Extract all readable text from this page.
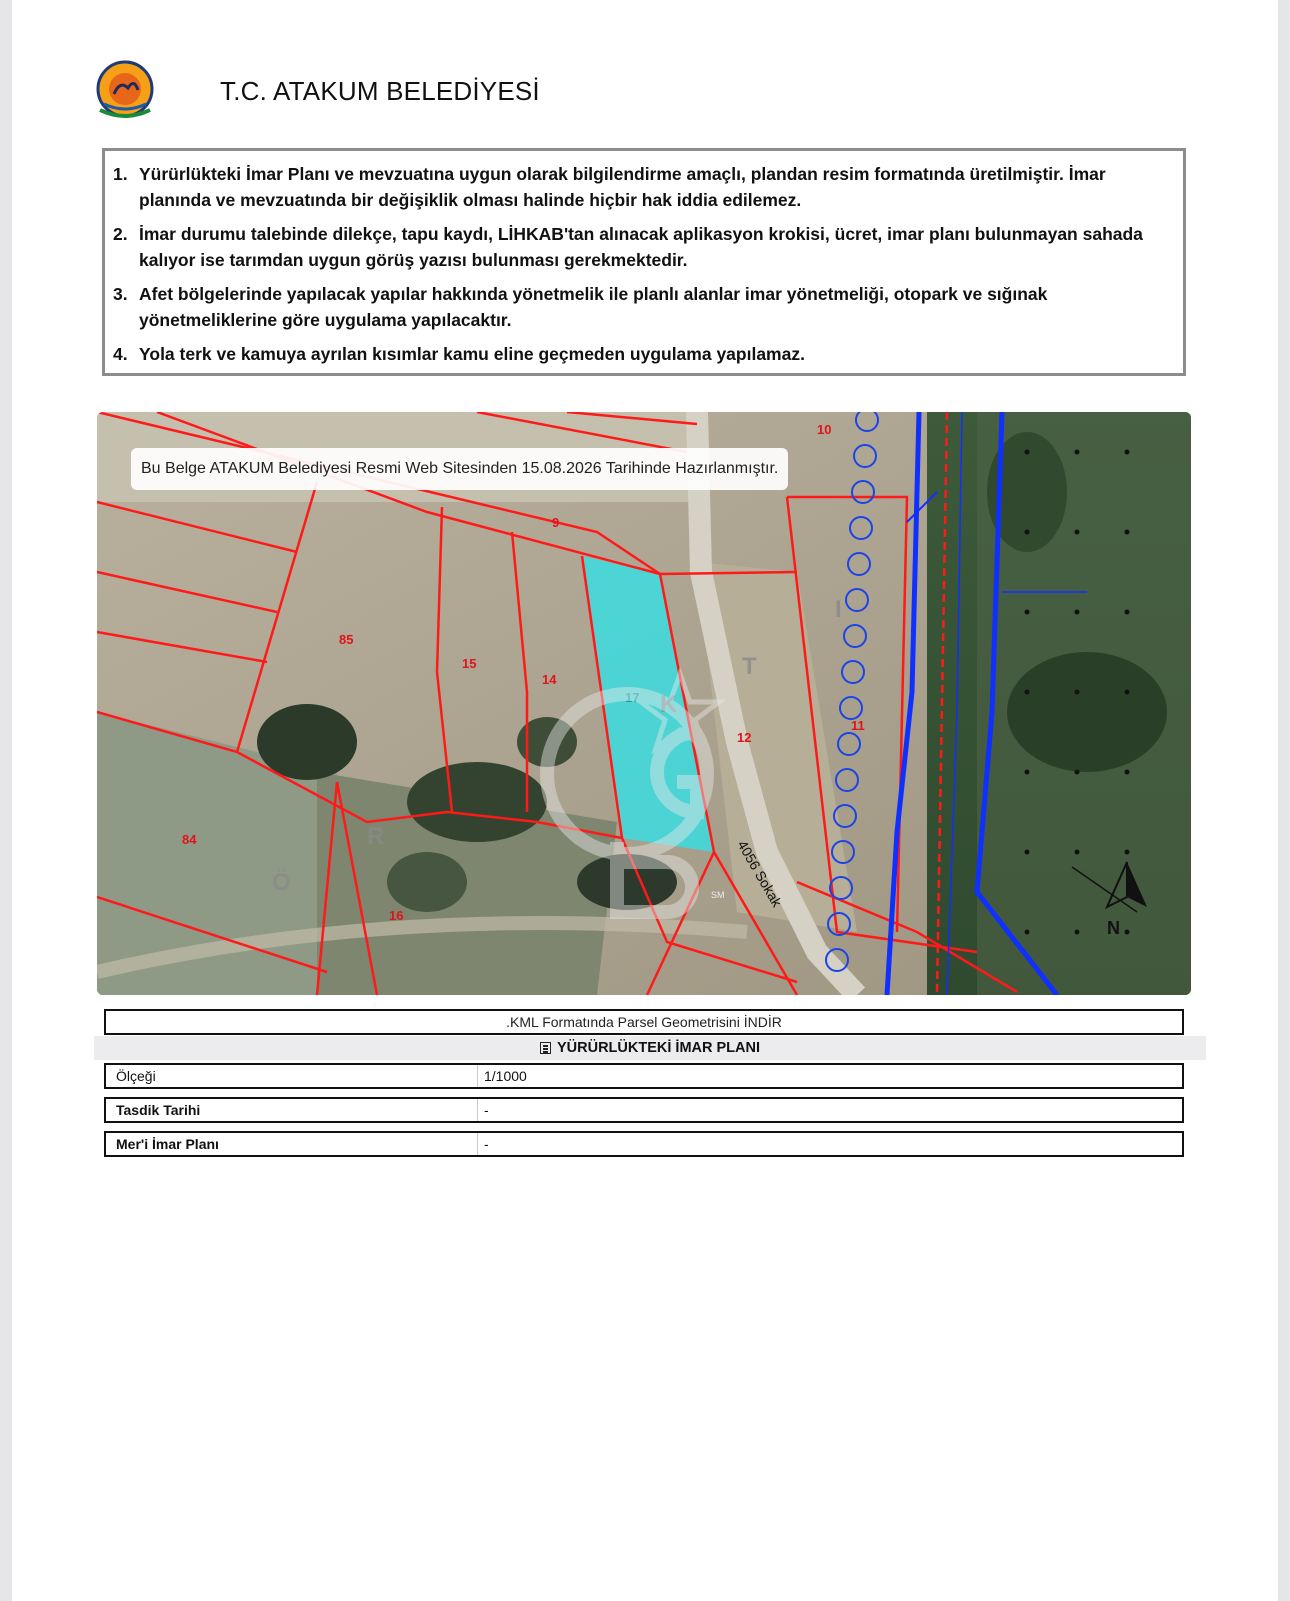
T.C. ATAKUM BELEDİYESİ
1. Yürürlükteki İmar Planı ve mevzuatına uygun olarak bilgilendirme amaçlı, plandan resim formatında üretilmiştir. İmar planında ve mevzuatında bir değişiklik olması halinde hiçbir hak iddia edilemez.
2. İmar durumu talebinde dilekçe, tapu kaydı, LİHKAB'tan alınacak aplikasyon krokisi, ücret, imar planı bulunmayan sahada kalıyor ise tarımdan uygun görüş yazısı bulunması gerekmektedir.
3. Afet bölgelerinde yapılacak yapılar hakkında yönetmelik ile planlı alanlar imar yönetmeliği, otopark ve sığınak yönetmeliklerine göre uygulama yapılacaktır.
4. Yola terk ve kamuya ayrılan kısımlar kamu eline geçmeden uygulama yapılamaz.
10
9
85
15
14
12
11
84
16
17
4056 Sokak
K
T
I
R
Ö	SM
N
Bu Belge ATAKUM Belediyesi Resmi Web Sitesinden 15.08.2026 Tarihinde Hazırlanmıştır.
.KML Formatında Parsel Geometrisini İNDİR
YÜRÜRLÜKTEKİ İMAR PLANI
Ölçeği	1/1000
Tasdik Tarihi	-
Mer'i İmar Planı	-
